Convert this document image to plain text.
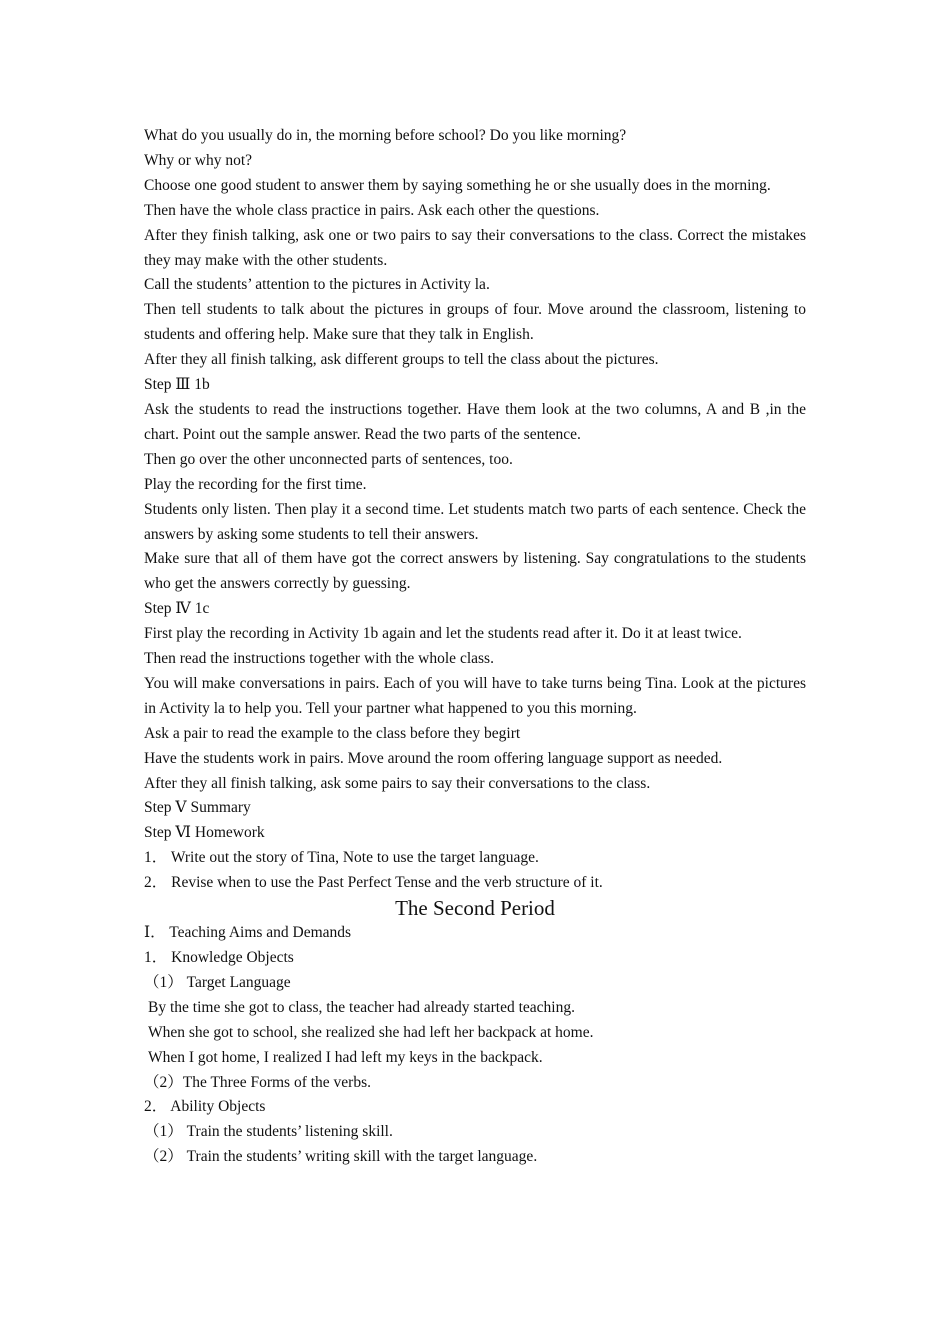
What do you usually do in, the morning before school? Do you like morning?

Why or why not?

Choose one good student to answer them by saying something he or she usually does in the morning.

Then have the whole class practice in pairs. Ask each other the questions.

After they finish talking, ask one or two pairs to say their conversations to the class. Correct the mistakes they may make with the other students.

Call the students’ attention to the pictures in Activity la.

Then tell students to talk about the pictures in groups of four. Move around the classroom, listening to students and offering help. Make sure that they talk in English.

After they all finish talking, ask different groups to tell the class about the pictures.

Step Ⅲ 1b

Ask the students to read the instructions together. Have them look at the two columns, A and B ,in the chart. Point out the sample answer. Read the two parts of the sentence.

Then go over the other unconnected parts of sentences, too.

Play the recording for the first time.

Students only listen. Then play it a second time. Let students match two parts of each sentence. Check the answers by asking some students to tell their answers.

Make sure that all of them have got the correct answers by listening. Say congratulations to the students who get the answers correctly by guessing.

Step Ⅳ 1c

First play the recording in Activity 1b again and let the students read after it. Do it at least twice.

Then read the instructions together with the whole class.

You will make conversations in pairs. Each of you will have to take turns being Tina. Look at the pictures in Activity la to help you. Tell your partner what happened to you this morning.

Ask a pair to read the example to the class before they begirt

Have the students work in pairs. Move around the room offering language support as needed.

After they all finish talking, ask some pairs to say their conversations to the class.

Step Ⅴ Summary

Step Ⅵ Homework

1． Write out the story of Tina, Note to use the target language.

2． Revise when to use the Past Perfect Tense and the verb structure of it.

The Second Period

Ⅰ． Teaching Aims and Demands

1． Knowledge Objects

（1） Target Language

By the time she got to class, the teacher had already started teaching.

When she got to school, she realized she had left her backpack at home.

When I got home, I realized I had left my keys in the backpack.

（2）The Three Forms of the verbs.

2． Ability Objects

（1） Train the students’ listening skill.

（2） Train the students’ writing skill with the target language.
